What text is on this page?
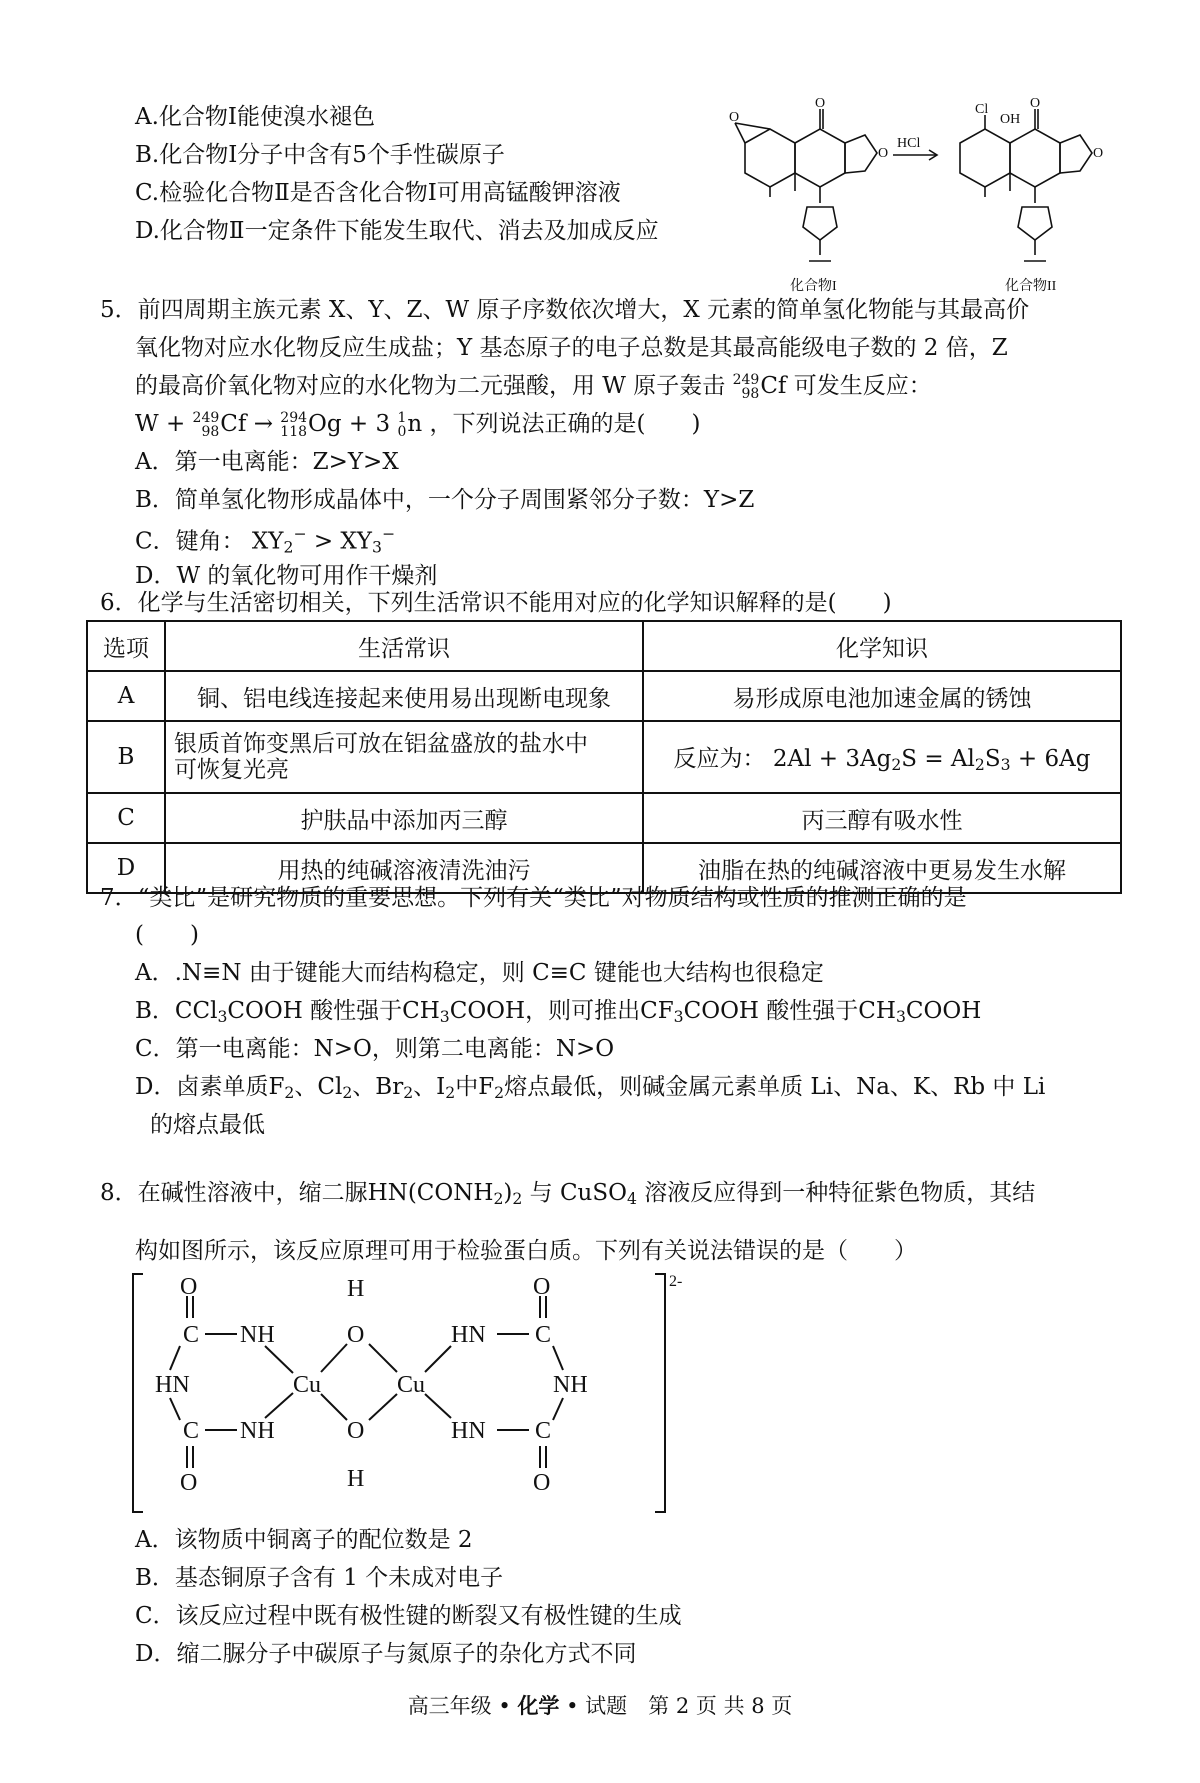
A.化合物Ⅰ能使溴水褪色
B.化合物Ⅰ分子中含有5个手性碳原子
C.检验化合物Ⅱ是否含化合物Ⅰ可用高锰酸钾溶液
D.化合物Ⅱ一定条件下能发生取代、消去及加成反应
O
O
O
O
O
Cl
OH
HCl
化合物I	化合物II
5．前四周期主族元素 X、Y、Z、W 原子序数依次增大，X 元素的简单氢化物能与其最高价
氧化物对应水化物反应生成盐；Y 基态原子的电子总数是其最高能级电子数的 2 倍，Z
的最高价氧化物对应的水化物为二元强酸，用 W 原子轰击 249
98 Cf 可发生反应：
W + 249
98 Cf → 294
118 Og + 3 1
0 n ，下列说法正确的是(　　)
A．第一电离能：Z>Y>X
B．简单氢化物形成晶体中，一个分子周围紧邻分子数：Y>Z
C．键角： $XY_2^- > XY_3^-$
D．W 的氧化物可用作干燥剂
6．化学与生活密切相关，下列生活常识不能用对应的化学知识解释的是(　　)
选项	生活常识	化学知识
A	铜、铝电线连接起来使用易出现断电现象	易形成原电池加速金属的锈蚀
B	银质首饰变黑后可放在铝盆盛放的盐水中
可恢复光亮	反应为： $2Al + 3Ag_2S = Al_2S_3 + 6Ag$
C	护肤品中添加丙三醇	丙三醇有吸水性
D	用热的纯碱溶液清洗油污	油脂在热的纯碱溶液中更易发生水解
7．“类比”是研究物质的重要思想。下列有关“类比”对物质结构或性质的推测正确的是
(　　)
A．.N≡N 由于键能大而结构稳定，则 C≡C 键能也大结构也很稳定
B．CCl$_3$COOH 酸性强于$CH_3COOH$，则可推出$CF_3COOH$ 酸性强于$CH_3COOH$
C．第一电离能：N>O，则第二电离能：N>O
D．卤素单质$F_2$、$Cl_2$、$Br_2$、$I_2$中$F_2$熔点最低，则碱金属元素单质 Li、Na、K、Rb 中 Li
的熔点最低
8．在碱性溶液中，缩二脲$HN(CONH_2)_2$ 与 CuSO$_4$ 溶液反应得到一种特征紫色物质，其结
构如图所示，该反应原理可用于检验蛋白质。下列有关说法错误的是（　　）
O
C NH
HN
C NH
O
H
O
Cu	Cu
O
H
HN C
NH
HN C
O
O
2-
A．该物质中铜离子的配位数是 2
B．基态铜原子含有 1 个未成对电子
C．该反应过程中既有极性键的断裂又有极性键的生成
D．缩二脲分子中碳原子与氮原子的杂化方式不同
高三年级 • 化学 • 试题　第 2 页 共 8 页
